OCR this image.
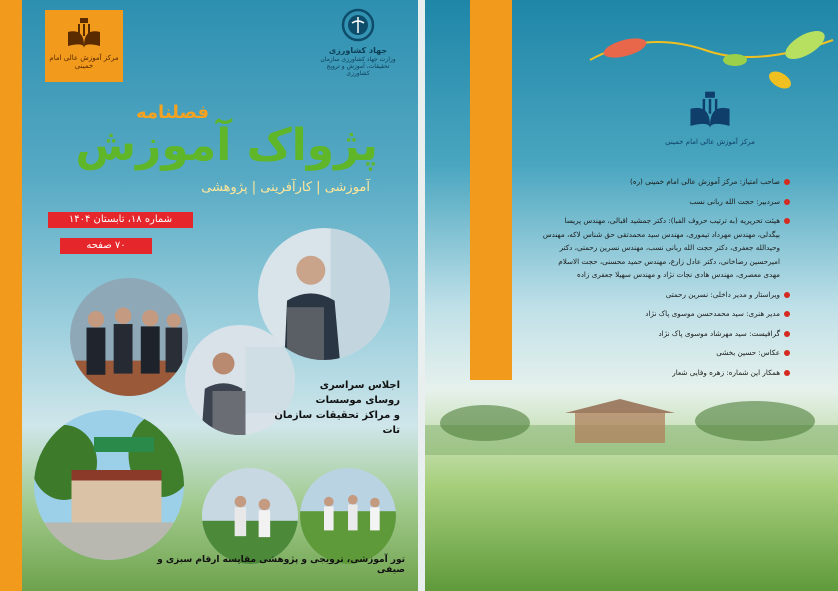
مرکز آموزش عالی امام خمینی
جهاد کشاورزی
وزارت جهاد کشاورزی سازمان تحقیقات، آموزش و ترویج کشاورزی
فصلنامه
پژواک آموزش
آموزشی | کارآفرینی | پژوهشی
شماره ۱۸، تابستان ۱۴۰۴
۷۰ صفحه
اجلاس سراسری
روسای موسسات
و مراکز تحقیقات سازمان تات
تور آموزشی، ترویجی و پژوهشی مقایسه ارقام سبزی و صیفی
مرکز آموزش عالی امام خمینی
صاحب امتیاز: مرکز آموزش عالی امام خمینی (ره)
سردبیر: حجت الله ربانی نسب
هیئت تحریریه (به ترتیب حروف الفبا): دکتر جمشید اقبالی، مهندس پریسا بیگدلی، مهندس مهرداد تیموری، مهندس سید محمدتقی حق شناس لاکه، مهندس وحیدالله جعفری، دکتر حجت الله ربانی نسب، مهندس نسرین رحمتی، دکتر امیرحسین رضاخانی، دکتر عادل زارع، مهندس حمید محسنی، حجت الاسلام مهدی معصری، مهندس هادی نجات نژاد و مهندس سهیلا جعفری زاده
ویراستار و مدیر داخلی: نسرین رحمتی
مدیر هنری: سید محمدحسن موسوی پاک نژاد
گرافیست: سید مهرشاد موسوی پاک نژاد
عکاس: حسین بخشی
همکار این شماره: زهره وفایی شعار
